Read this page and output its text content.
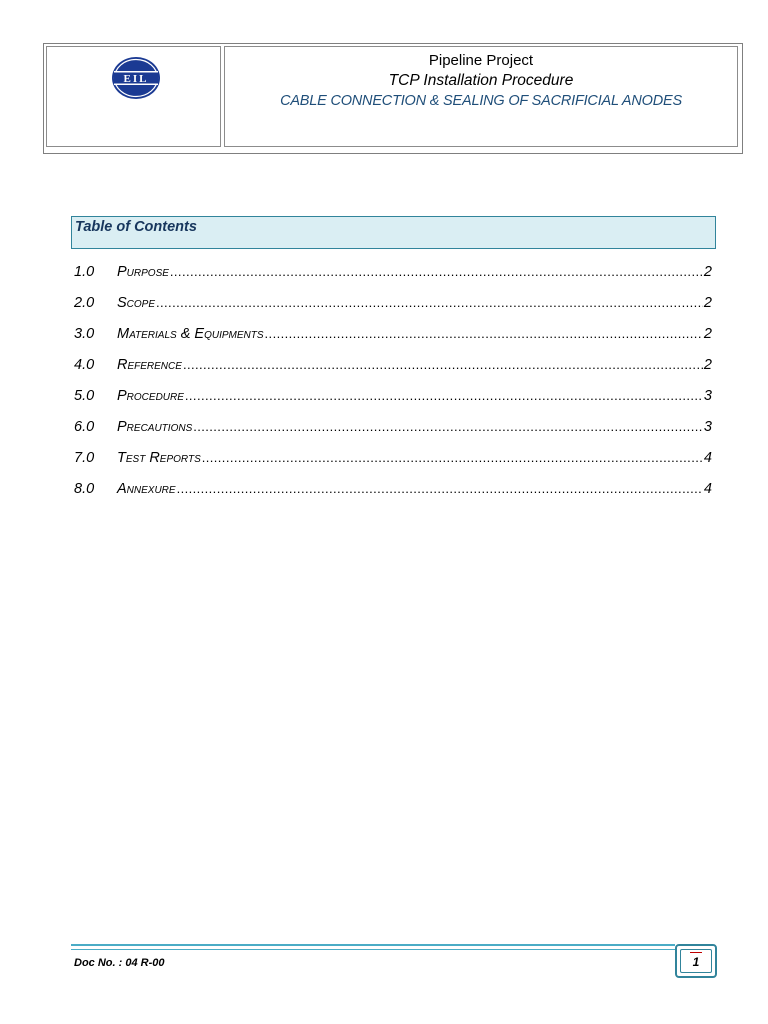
EIL
Pipeline Project
TCP Installation Procedure
CABLE CONNECTION & SEALING OF SACRIFICIAL ANODES
Table of Contents
1.0	Purpose .....	2
2.0	Scope .....	2
3.0	Materials & Equipments .....	2
4.0	Reference .....	2
5.0	Procedure .....	3
6.0	Precautions .....	3
7.0	Test Reports .....	4
8.0	Annexure .....	4
Doc No. : 04 R-00	1
